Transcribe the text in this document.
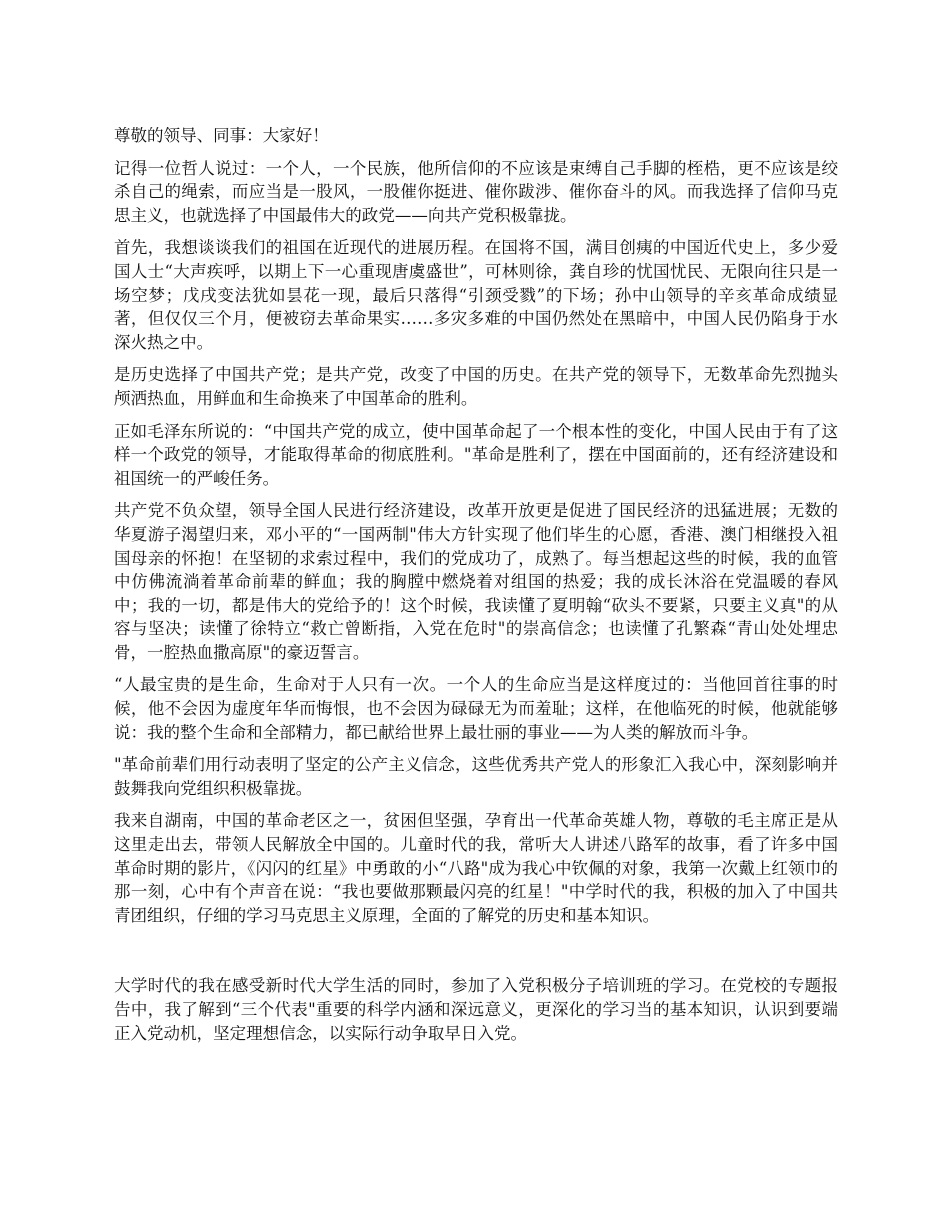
尊敬的领导、同事：大家好！

记得一位哲人说过：一个人，一个民族，他所信仰的不应该是束缚自己手脚的桎梏，更不应该是绞杀自己的绳索，而应当是一股风，一股催你挺进、催你跋涉、催你奋斗的风。而我选择了信仰马克思主义，也就选择了中国最伟大的政党——向共产党积极靠拢。

首先，我想谈谈我们的祖国在近现代的进展历程。在国将不国，满目创痍的中国近代史上，多少爱国人士“大声疾呼，以期上下一心重现唐虞盛世”，可林则徐，龚自珍的忧国忧民、无限向往只是一场空梦；戊戌变法犹如昙花一现，最后只落得“引颈受戮”的下场；孙中山领导的辛亥革命成绩显著，但仅仅三个月，便被窃去革命果实……多灾多难的中国仍然处在黑暗中，中国人民仍陷身于水深火热之中。

是历史选择了中国共产党；是共产党，改变了中国的历史。在共产党的领导下，无数革命先烈抛头颅洒热血，用鲜血和生命换来了中国革命的胜利。

正如毛泽东所说的：“中国共产党的成立，使中国革命起了一个根本性的变化，中国人民由于有了这样一个政党的领导，才能取得革命的彻底胜利。"革命是胜利了，摆在中国面前的，还有经济建设和祖国统一的严峻任务。

共产党不负众望，领导全国人民进行经济建设，改革开放更是促进了国民经济的迅猛进展；无数的华夏游子渴望归来，邓小平的“一国两制"伟大方针实现了他们毕生的心愿，香港、澳门相继投入祖国母亲的怀抱！在坚韧的求索过程中，我们的党成功了，成熟了。每当想起这些的时候，我的血管中仿佛流淌着革命前辈的鲜血；我的胸膛中燃烧着对组国的热爱；我的成长沐浴在党温暖的春风中；我的一切，都是伟大的党给予的！这个时候，我读懂了夏明翰“砍头不要紧，只要主义真"的从容与坚决；读懂了徐特立“救亡曾断指，入党在危时"的崇高信念；也读懂了孔繁森“青山处处埋忠骨，一腔热血撒高原"的豪迈誓言。

“人最宝贵的是生命，生命对于人只有一次。一个人的生命应当是这样度过的：当他回首往事的时候，他不会因为虚度年华而悔恨，也不会因为碌碌无为而羞耻；这样，在他临死的时候，他就能够说：我的整个生命和全部精力，都已献给世界上最壮丽的事业——为人类的解放而斗争。

"革命前辈们用行动表明了坚定的公产主义信念，这些优秀共产党人的形象汇入我心中，深刻影响并鼓舞我向党组织积极靠拢。

我来自湖南，中国的革命老区之一，贫困但坚强，孕育出一代革命英雄人物，尊敬的毛主席正是从这里走出去，带领人民解放全中国的。儿童时代的我，常听大人讲述八路军的故事，看了许多中国革命时期的影片，《闪闪的红星》中勇敢的小“八路"成为我心中钦佩的对象，我第一次戴上红领巾的那一刻，心中有个声音在说：“我也要做那颗最闪亮的红星！"中学时代的我，积极的加入了中国共青团组织，仔细的学习马克思主义原理，全面的了解党的历史和基本知识。

大学时代的我在感受新时代大学生活的同时，参加了入党积极分子培训班的学习。在党校的专题报告中，我了解到“三个代表"重要的科学内涵和深远意义，更深化的学习当的基本知识，认识到要端正入党动机，坚定理想信念，以实际行动争取早日入党。
